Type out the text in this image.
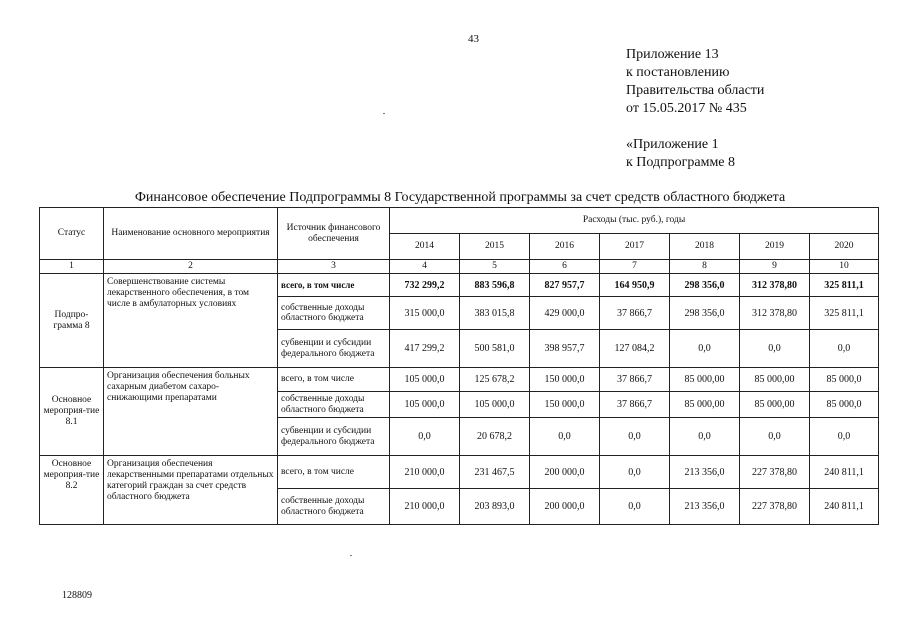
43
Приложение 13
к постановлению
Правительства области
от 15.05.2017 № 435
«Приложение 1
к Подпрограмме 8
Финансовое обеспечение Подпрограммы 8 Государственной программы за счет средств областного бюджета
Статус	Наименование основного мероприятия	Источник финансового обеспечения	Расходы (тыс. руб.), годы						
			2014	2015	2016	2017	2018	2019	2020
1	2	3	4	5	6	7	8	9	10
Подпро-грамма 8	Совершенствование системы лекарственного обеспечения, в том числе в амбулаторных условиях	всего, в том числе	732 299,2	883 596,8	827 957,7	164 950,9	298 356,0	312 378,80	325 811,1
		собственные доходы областного бюджета	315 000,0	383 015,8	429 000,0	37 866,7	298 356,0	312 378,80	325 811,1
		субвенции и субсидии федерального бюджета	417 299,2	500 581,0	398 957,7	127 084,2	0,0	0,0	0,0
Основное мероприя-тие 8.1	Организация обеспечения больных сахарным диабетом сахаро-снижающими препаратами	всего, в том числе	105 000,0	125 678,2	150 000,0	37 866,7	85 000,00	85 000,00	85 000,0
		собственные доходы областного бюджета	105 000,0	105 000,0	150 000,0	37 866,7	85 000,00	85 000,00	85 000,0
		субвенции и субсидии федерального бюджета	0,0	20 678,2	0,0	0,0	0,0	0,0	0,0
Основное мероприя-тие 8.2	Организация обеспечения лекарственными препаратами отдельных категорий граждан за счет средств областного бюджета	всего, в том числе	210 000,0	231 467,5	200 000,0	0,0	213 356,0	227 378,80	240 811,1
		собственные доходы областного бюджета	210 000,0	203 893,0	200 000,0	0,0	213 356,0	227 378,80	240 811,1
128809
